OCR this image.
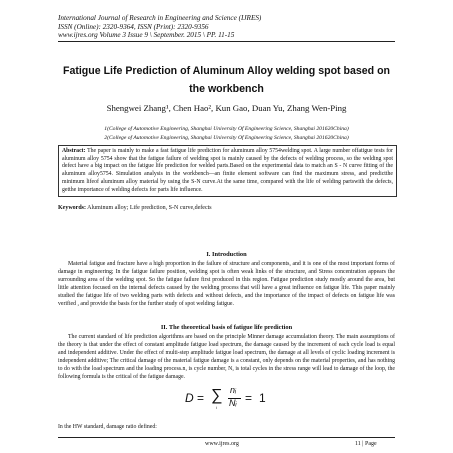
International Journal of Research in Engineering and Science (IJRES)
ISSN (Online): 2320-9364, ISSN (Print): 2320-9356
www.ijres.org Volume 3 Issue 9 \ September. 2015 \ PP. 11-15
Fatigue Life Prediction of Aluminum Alloy welding spot based on
the workbench
Shengwei Zhang¹, Chen Hao², Kun Gao, Duan Yu, Zhang Wen-Ping
1(College of Automotive Engineering, Shanghai University Of Engineering Science, Shanghai 201620China)
2(College of Automotive Engineering, Shanghai University Of Engineering Science, Shanghai 201620China)
Abstract: The paper is mainly to make a fast fatigue life prediction for aluminum alloy 5754welding spot. A large number offatigue tests for aluminum alloy 5754 show that the fatigue failure of welding spot is mainly caused by the defects of welding process, so the welding spot defect have a big impact on the fatigue life prediction for welded parts.Based on the experimental data to match an S - N curve fitting of the aluminum alloy5754. Simulation analysis in the workbench—an finite element software can find the maximum stress, and predictthe minimum lifeof aluminum alloy material by using the S-N curve.At the same time, compared with the life of welding partswith the defects, getthe importance of welding defects for parts life influence.
Keywords: Aluminum alloy; Life prediction, S-N curve,defects
I. Introduction
Material fatigue and fracture have a high proportion in the failure of structure and components, and it is one of the most important forms of damage in engineering; In the fatigue failure position, welding spot is often weak links of the structure, and Stress concentration appears the surrounding area of the welding spot. So the fatigue failure first produced in this region. Fatigue prediction study mostly around the area, but little attention focused on the internal defects caused by the welding process that will have a great influence on fatigue life. This paper mainly studied the fatigue life of two welding parts with defects and without defects, and the importance of the impact of defects on fatigue life was verified , and provide the basis for the further study of spot welding fatigue.
II. The theoretical basis of fatigue life prediction
The current standard of life prediction algorithms are based on the principle Minner damage accumulation theory. The main assumptions of the theory is that under the effect of constant amplitude fatigue load spectrum, the damage caused by the increment of each cycle load is equal and independent additive. Under the effect of multi-step amplitude fatigue load spectrum, the damage at all levels of cyclic loading increment is independent additive; The critical damage of the material fatigue damage is a constant, only depends on the material properties, and has nothing to do with the load spectrum and the loading process.n, is cycle number, N, is total cycles in the stress range will lead to damage of the loop, the following formula is the critical of the fatigue damage.
D = ∑
i
nᵢ
Nᵢ = 1
In the HW standard, damage ratio defined:
www.ijres.org	11 | Page
